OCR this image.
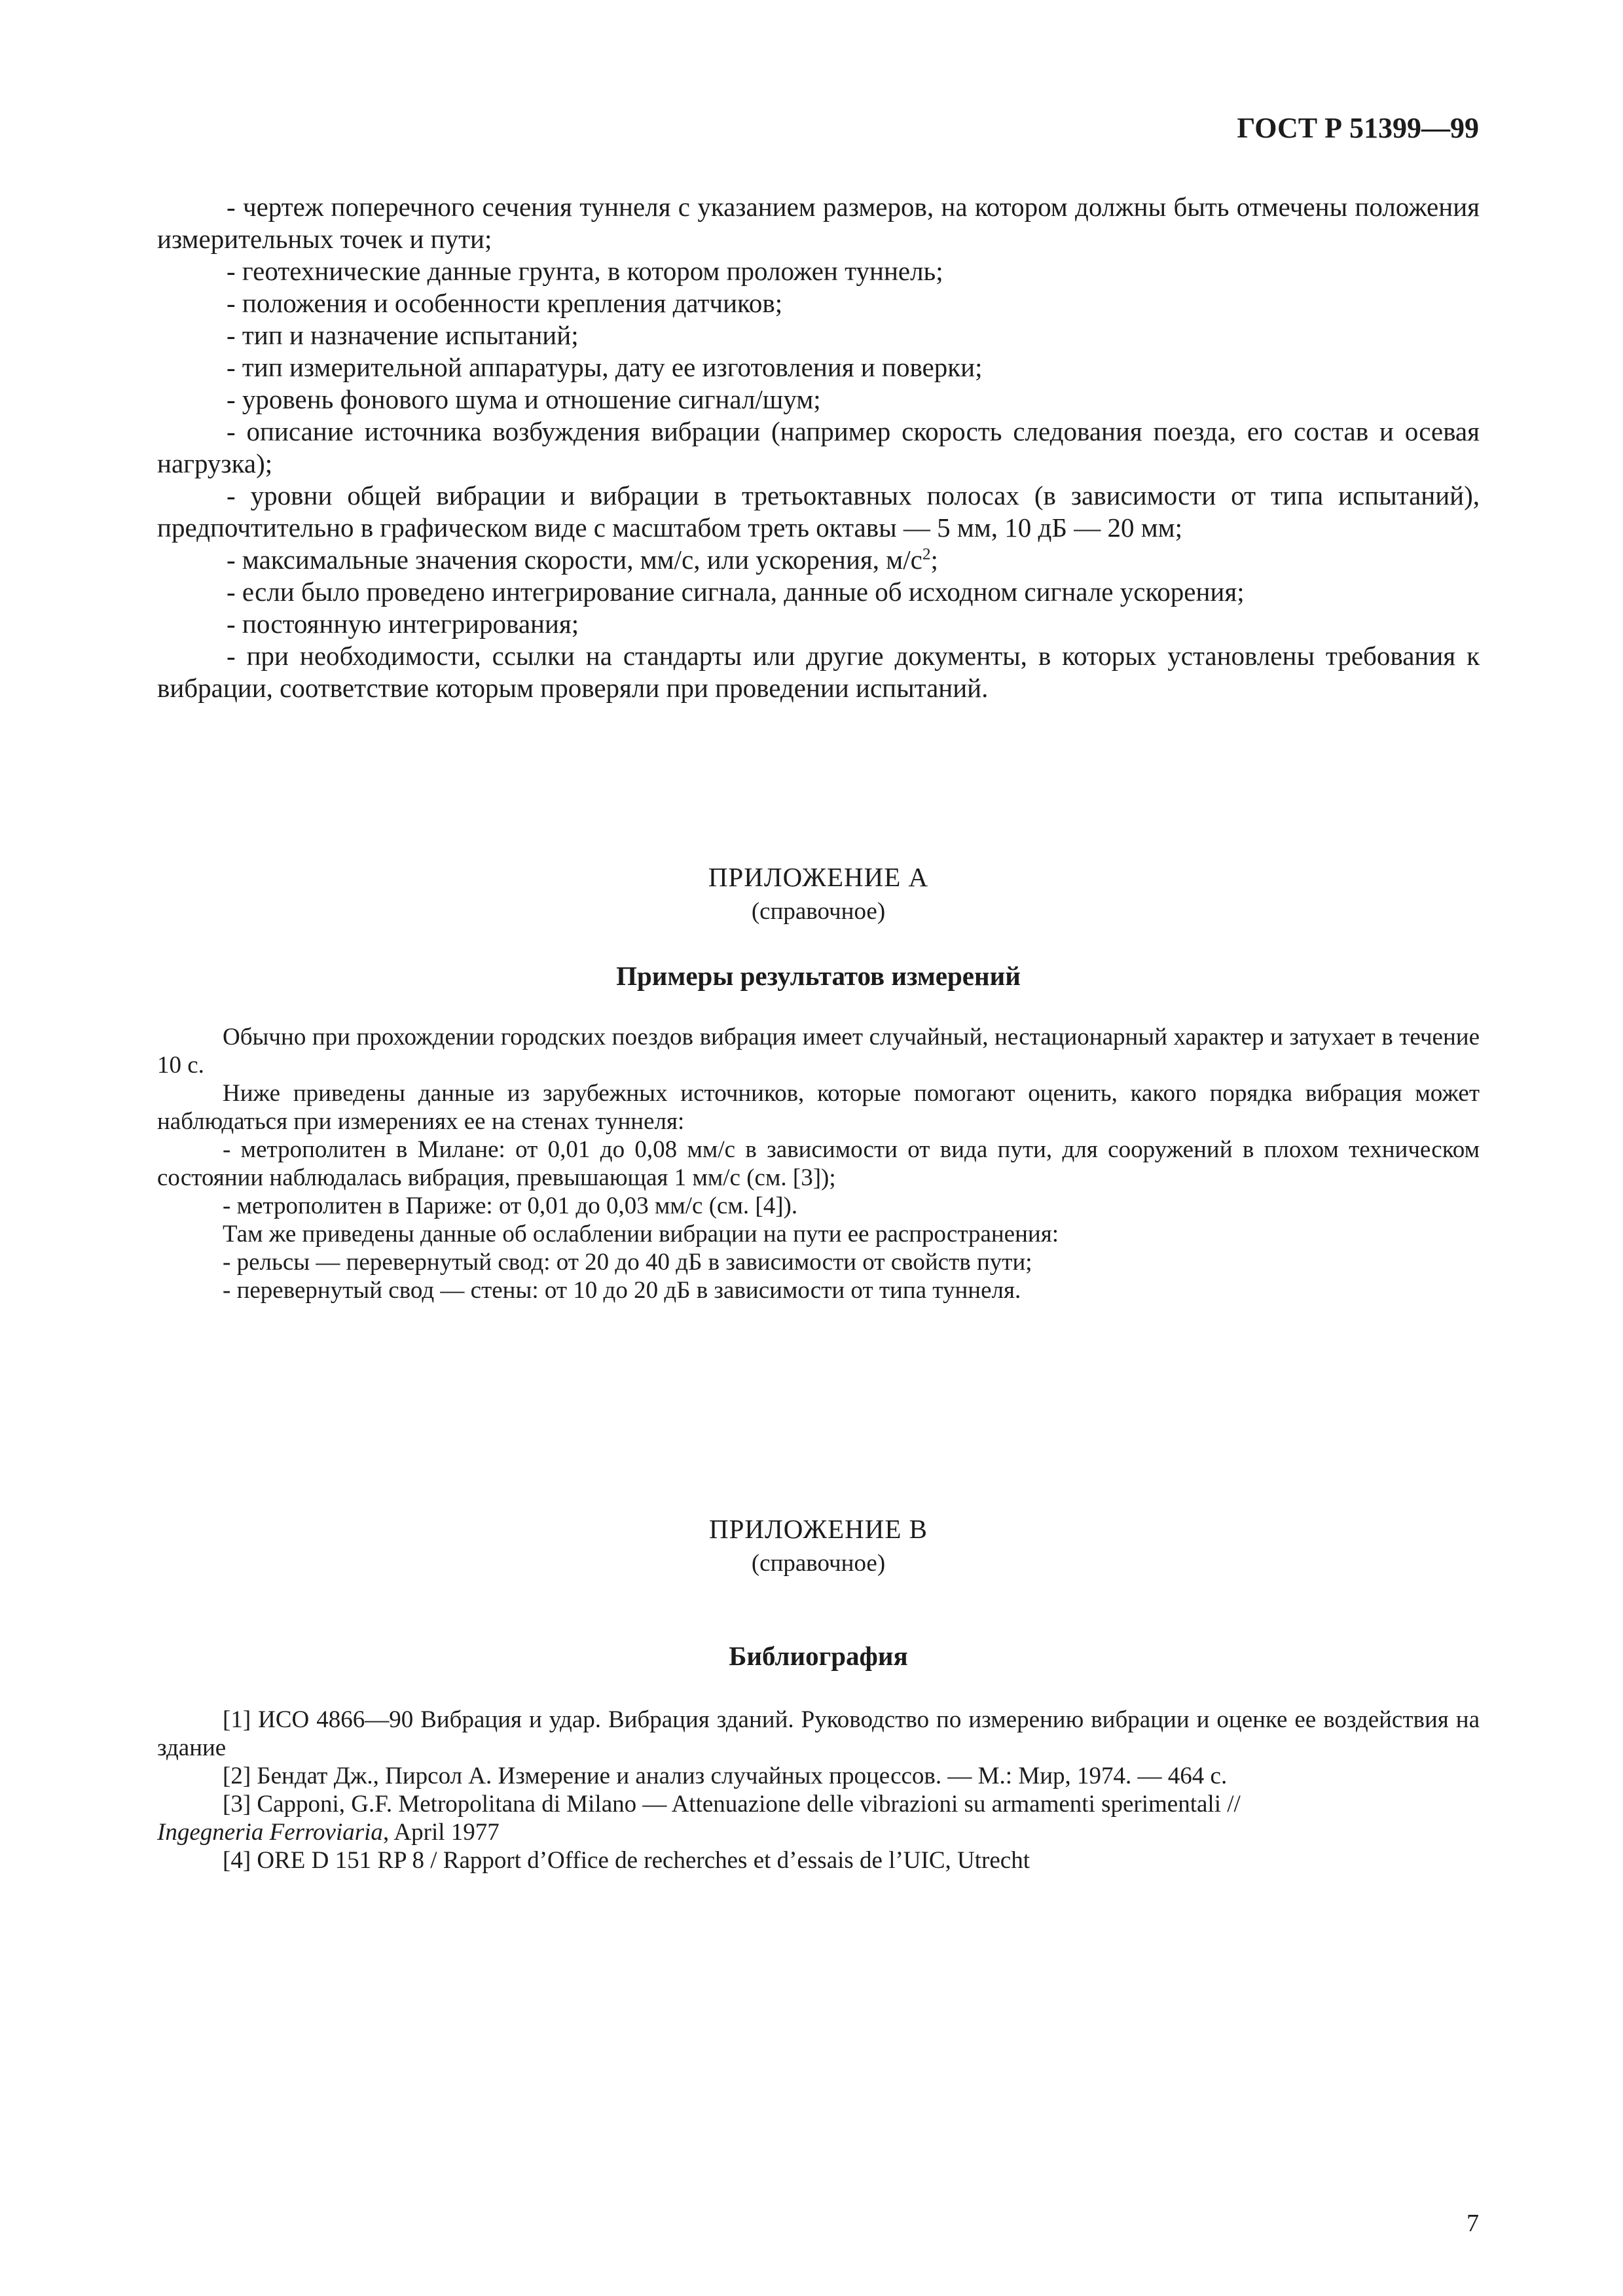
ГОСТ Р 51399—99

- чертеж поперечного сечения туннеля с указанием размеров, на котором должны быть отмечены положения измерительных точек и пути;

- геотехнические данные грунта, в котором проложен туннель;

- положения и особенности крепления датчиков;

- тип и назначение испытаний;

- тип измерительной аппаратуры, дату ее изготовления и поверки;

- уровень фонового шума и отношение сигнал/шум;

- описание источника возбуждения вибрации (например скорость следования поезда, его состав и осевая нагрузка);

- уровни общей вибрации и вибрации в третьоктавных полосах (в зависимости от типа испытаний), предпочтительно в графическом виде с масштабом треть октавы — 5 мм, 10 дБ — 20 мм;

- максимальные значения скорости, мм/с, или ускорения, $м/с^2$;

- если было проведено интегрирование сигнала, данные об исходном сигнале ускорения;

- постоянную интегрирования;

- при необходимости, ссылки на стандарты или другие документы, в которых установлены требования к вибрации, соответствие которым проверяли при проведении испытаний.

ПРИЛОЖЕНИЕ А
(справочное)
Примеры результатов измерений

Обычно при прохождении городских поездов вибрация имеет случайный, нестационарный характер и затухает в течение 10 с.

Ниже приведены данные из зарубежных источников, которые помогают оценить, какого порядка вибрация может наблюдаться при измерениях ее на стенах туннеля:

- метрополитен в Милане: от 0,01 до 0,08 мм/с в зависимости от вида пути, для сооружений в плохом техническом состоянии наблюдалась вибрация, превышающая 1 мм/с (см. [3]);

- метрополитен в Париже: от 0,01 до 0,03 мм/с (см. [4]).

Там же приведены данные об ослаблении вибрации на пути ее распространения:

- рельсы — перевернутый свод: от 20 до 40 дБ в зависимости от свойств пути;

- перевернутый свод — стены: от 10 до 20 дБ в зависимости от типа туннеля.

ПРИЛОЖЕНИЕ В
(справочное)
Библиография

[1] ИСО 4866—90 Вибрация и удар. Вибрация зданий. Руководство по измерению вибрации и оценке ее воздействия на здание

[2] Бендат Дж., Пирсол А. Измерение и анализ случайных процессов. — М.: Мир, 1974. — 464 с.

[3] Capponi, G.F. Metropolitana di Milano — Attenuazione delle vibrazioni su armamenti sperimentali //
Ingegneria Ferroviaria, April 1977

[4] ORE D 151 RP 8 / Rapport d’Office de recherches et d’essais de l’UIC, Utrecht

7
